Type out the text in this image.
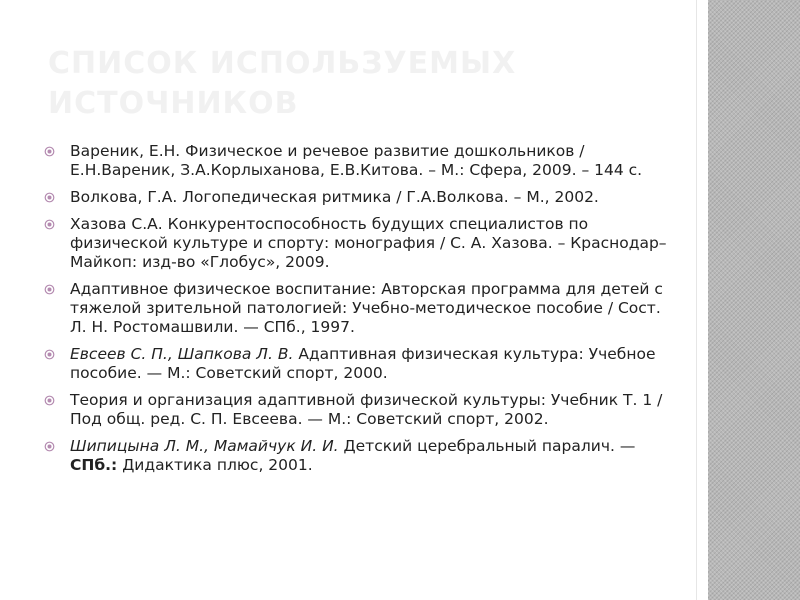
СПИСОК ИСПОЛЬЗУЕМЫХ
ИСТОЧНИКОВ
Вареник, Е.Н. Физическое и речевое развитие дошкольников / Е.Н.Вареник, З.А.Корлыханова, Е.В.Китова. – М.: Сфера, 2009. – 144 с.
Волкова, Г.А. Логопедическая ритмика / Г.А.Волкова. – М., 2002.
Хазова С.А. Конкурентоспособность будущих специалистов по физической культуре и спорту: монография / С. А. Хазова. – Краснодар–Майкоп: изд-во «Глобус», 2009.
Адаптивное физическое воспитание: Авторская программа для детей с тяжелой зрительной патологией: Учебно-методическое пособие / Сост. Л. Н. Ростомашвили. — СПб., 1997.
Евсеев С. П., Шапкова Л. В. Адаптивная физическая культура: Учебное пособие. — М.: Советский спорт, 2000.
Теория и организация адаптивной физической культуры: Учебник Т. 1 / Под общ. ред. С. П. Евсеева. — М.: Советский спорт, 2002.
Шипицына Л. М., Мамайчук И. И. Детский церебральный паралич. —СПб.: Дидактика плюс, 2001.
